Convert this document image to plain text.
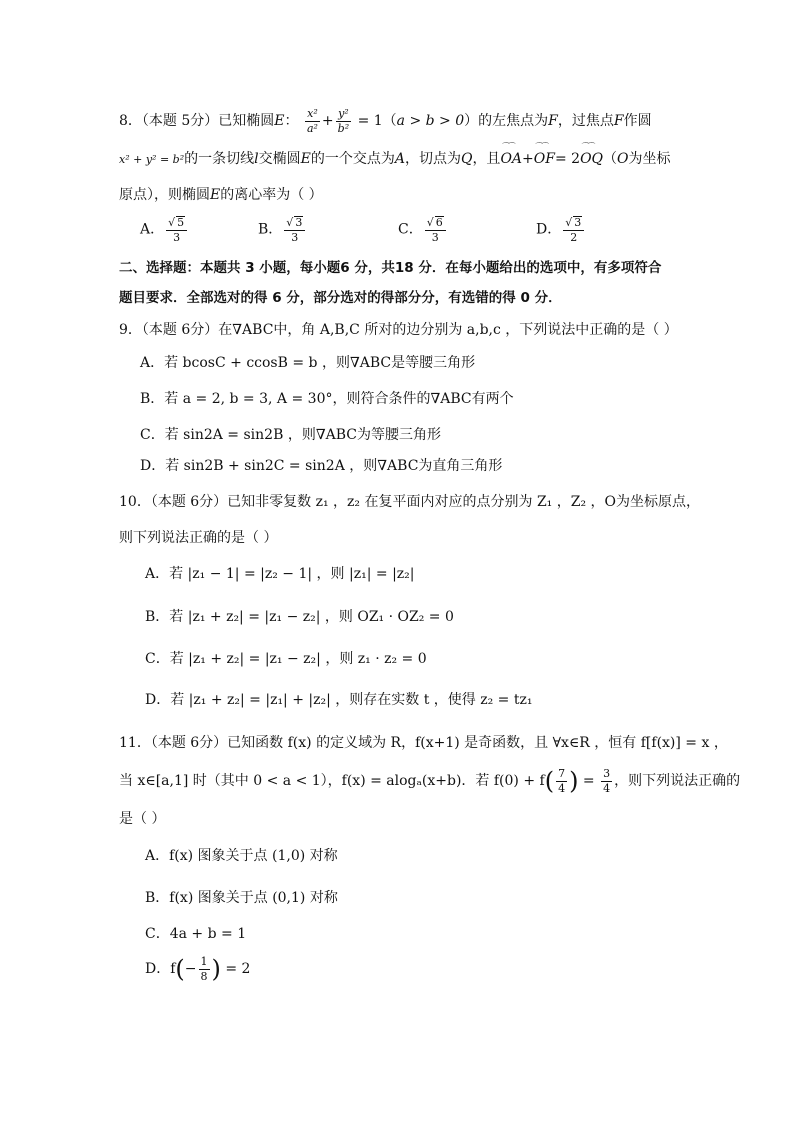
8．（本题 5分）已知椭圆E： $\frac{\text{x²}}{\text{a²}} + \frac{\text{y²}}{\text{b²}} = 1(a > b > 0)$的左焦点为F，过焦点F作圆
x² + y² = b²的一条切线l交椭圆E的一个交点为A，切点为Q，且⌒⌒ OA+⌒⌒ OF= 2⌒⌒ OQ（O为坐标
原点），则椭圆E的离心率为（ ）
A． $\frac{√ 5}{3}$	B． $\frac{√ 3}{3}$	C． $\frac{√ 6}{3}$	D． $\frac{√ 3}{2}$
二、选择题：本题共 3 小题，每小题6 分，共18 分．在每小题给出的选项中，有多项符合
题目要求．全部选对的得 6 分，部分选对的得部分分，有选错的得 0 分．
9．（本题 6分）在∇ABC中，角 A,B,C 所对的边分别为 a,b,c ，下列说法中正确的是（ ）
A．若 bcosC + ccosB = b ，则∇ABC是等腰三角形
B．若 a = 2, b = 3, A = 30°，则符合条件的∇ABC有两个
C．若 sin2A = sin2B ，则∇ABC为等腰三角形
D．若 sin2B + sin2C = sin2A ，则∇ABC为直角三角形
10．（本题 6分）已知非零复数 z₁ ，z₂ 在复平面内对应的点分别为 Z₁ ，Z₂ ，O为坐标原点，
则下列说法正确的是（ ）
A．若 |z₁ − 1| = |z₂ − 1| ，则 |z₁| = |z₂|
B．若 |z₁ + z₂| = |z₁ − z₂| ，则 OZ₁ · OZ₂ = 0
C．若 |z₁ + z₂| = |z₁ − z₂| ，则 z₁ · z₂ = 0
D．若 |z₁ + z₂| = |z₁| + |z₂| ，则存在实数 t ，使得 z₂ = tz₁
11．（本题 6分）已知函数 f(x) 的定义域为 R，f(x+1) 是奇函数，且 ∀x∈R ，恒有 f[f(x)] = x ，
当 x∈[a,1] 时（其中 0 < a < 1），f(x) = alogₐ(x+b)．若 $f(0) + f( \frac{7}{4}$ ) = $\frac{3}{4}$ ，则下列说法正确的
是（ ）
A．f(x) 图象关于点 (1,0) 对称
B．f(x) 图象关于点 (0,1) 对称
C．4a + b = 1
D．$f(- \frac{1}{8}$ ) = 2
